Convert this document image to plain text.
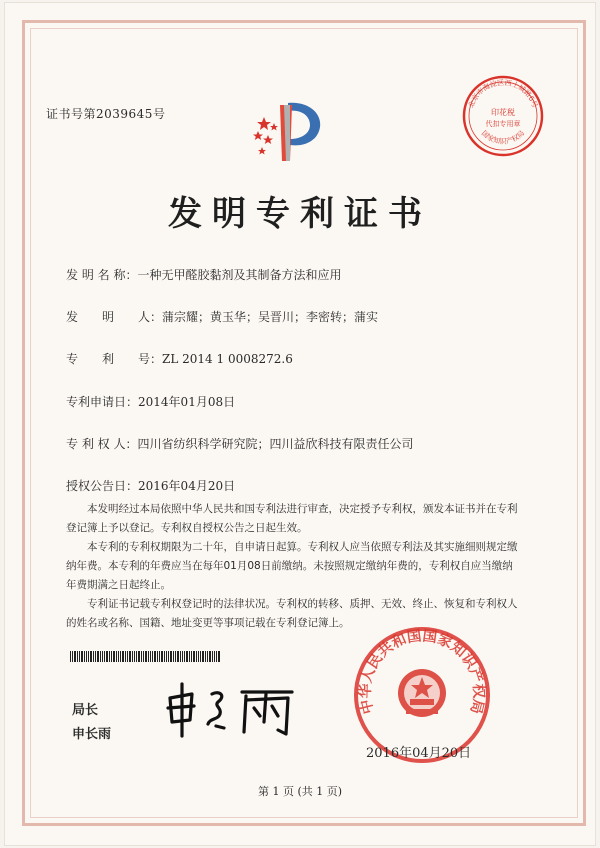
证书号第2039645号
北京市海淀区西土城路6号
印花税
代扣专用章
国家知识产权局
发明专利证书
发 明 名 称：一种无甲醛胶黏剂及其制备方法和应用
发　　明　　人：蒲宗耀；黄玉华；吴晋川；李密转；蒲实
专　　利　　号：ZL 2014 1 0008272.6
专利申请日：2014年01月08日
专 利 权 人：四川省纺织科学研究院；四川益欣科技有限责任公司
授权公告日：2016年04月20日

本发明经过本局依照中华人民共和国专利法进行审查，决定授予专利权，颁发本证书并在专利登记簿上予以登记。专利权自授权公告之日起生效。

本专利的专利权期限为二十年，自申请日起算。专利权人应当依照专利法及其实施细则规定缴纳年费。本专利的年费应当在每年01月08日前缴纳。未按照规定缴纳年费的，专利权自应当缴纳年费期满之日起终止。

专利证书记载专利权登记时的法律状况。专利权的转移、质押、无效、终止、恢复和专利权人的姓名或名称、国籍、地址变更等事项记载在专利登记簿上。

局长
申长雨
中华人民共和国国家知识产权局
2016年04月20日
第 1 页 (共 1 页)
